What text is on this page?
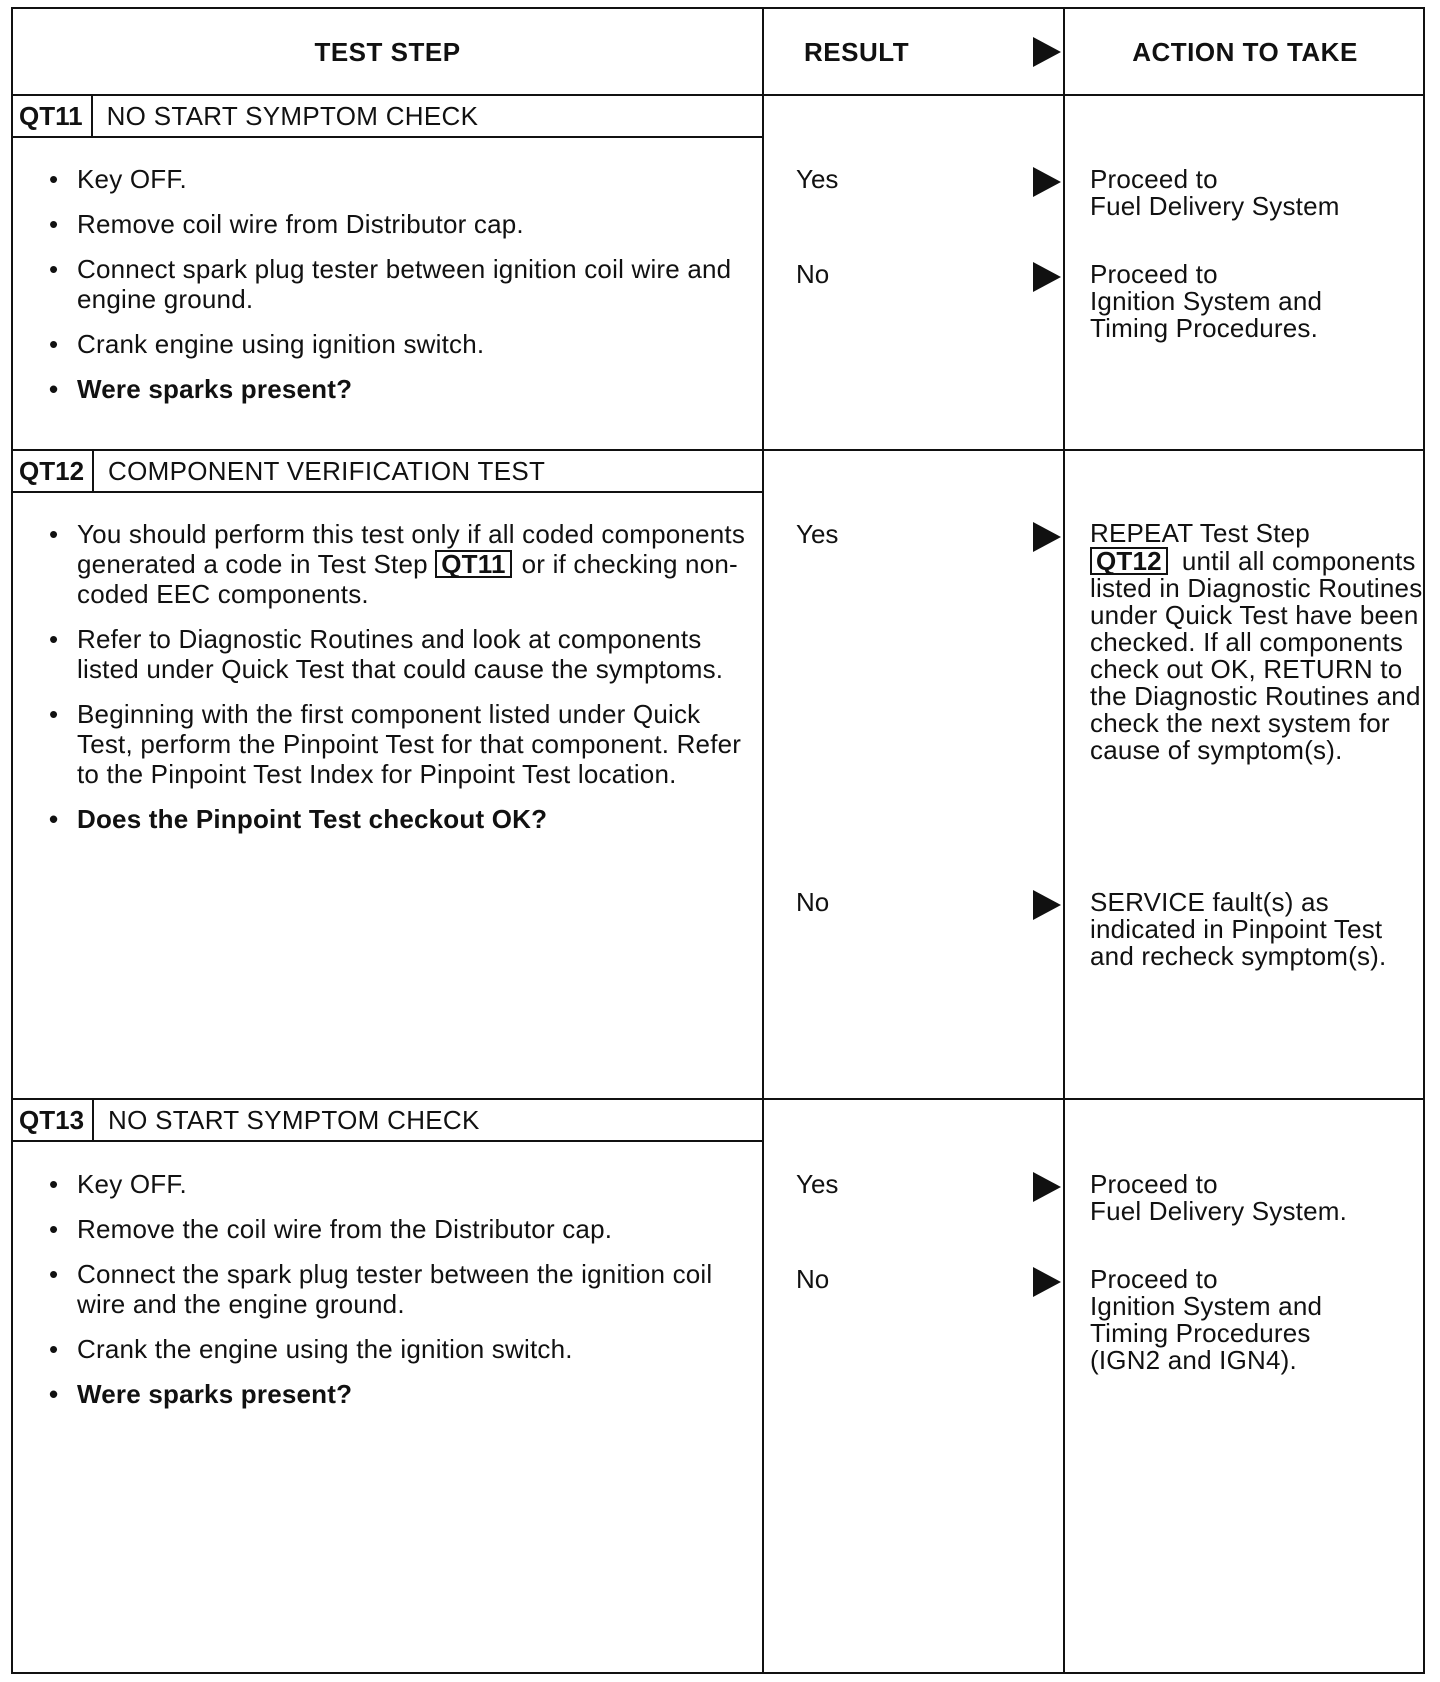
TEST STEP	RESULT	ACTION TO TAKE
QT11 NO START SYMPTOM CHECK
• Key OFF.
• Remove coil wire from Distributor cap.
• Connect spark plug tester between ignition coil wire and engine ground.
• Crank engine using ignition switch.
• Were sparks present?
Yes	Proceed to
Fuel Delivery System
No	Proceed to
Ignition System and
Timing Procedures.
QT12 COMPONENT VERIFICATION TEST
• You should perform this test only if all coded components generated a code in Test Step QT11 or if checking non-coded EEC components.
• Refer to Diagnostic Routines and look at components listed under Quick Test that could cause the symptoms.
• Beginning with the first component listed under Quick Test, perform the Pinpoint Test for that component. Refer to the Pinpoint Test Index for Pinpoint Test location.
• Does the Pinpoint Test checkout OK?
Yes	REPEAT Test Step
QT12 until all components listed in Diagnostic Routines under Quick Test have been checked. If all components check out OK, RETURN to the Diagnostic Routines and check the next system for cause of symptom(s).
No	SERVICE fault(s) as indicated in Pinpoint Test and recheck symptom(s).
QT13 NO START SYMPTOM CHECK
• Key OFF.
• Remove the coil wire from the Distributor cap.
• Connect the spark plug tester between the ignition coil wire and the engine ground.
• Crank the engine using the ignition switch.
• Were sparks present?
Yes	Proceed to
Fuel Delivery System.
No	Proceed to
Ignition System and
Timing Procedures
(IGN2 and IGN4).
